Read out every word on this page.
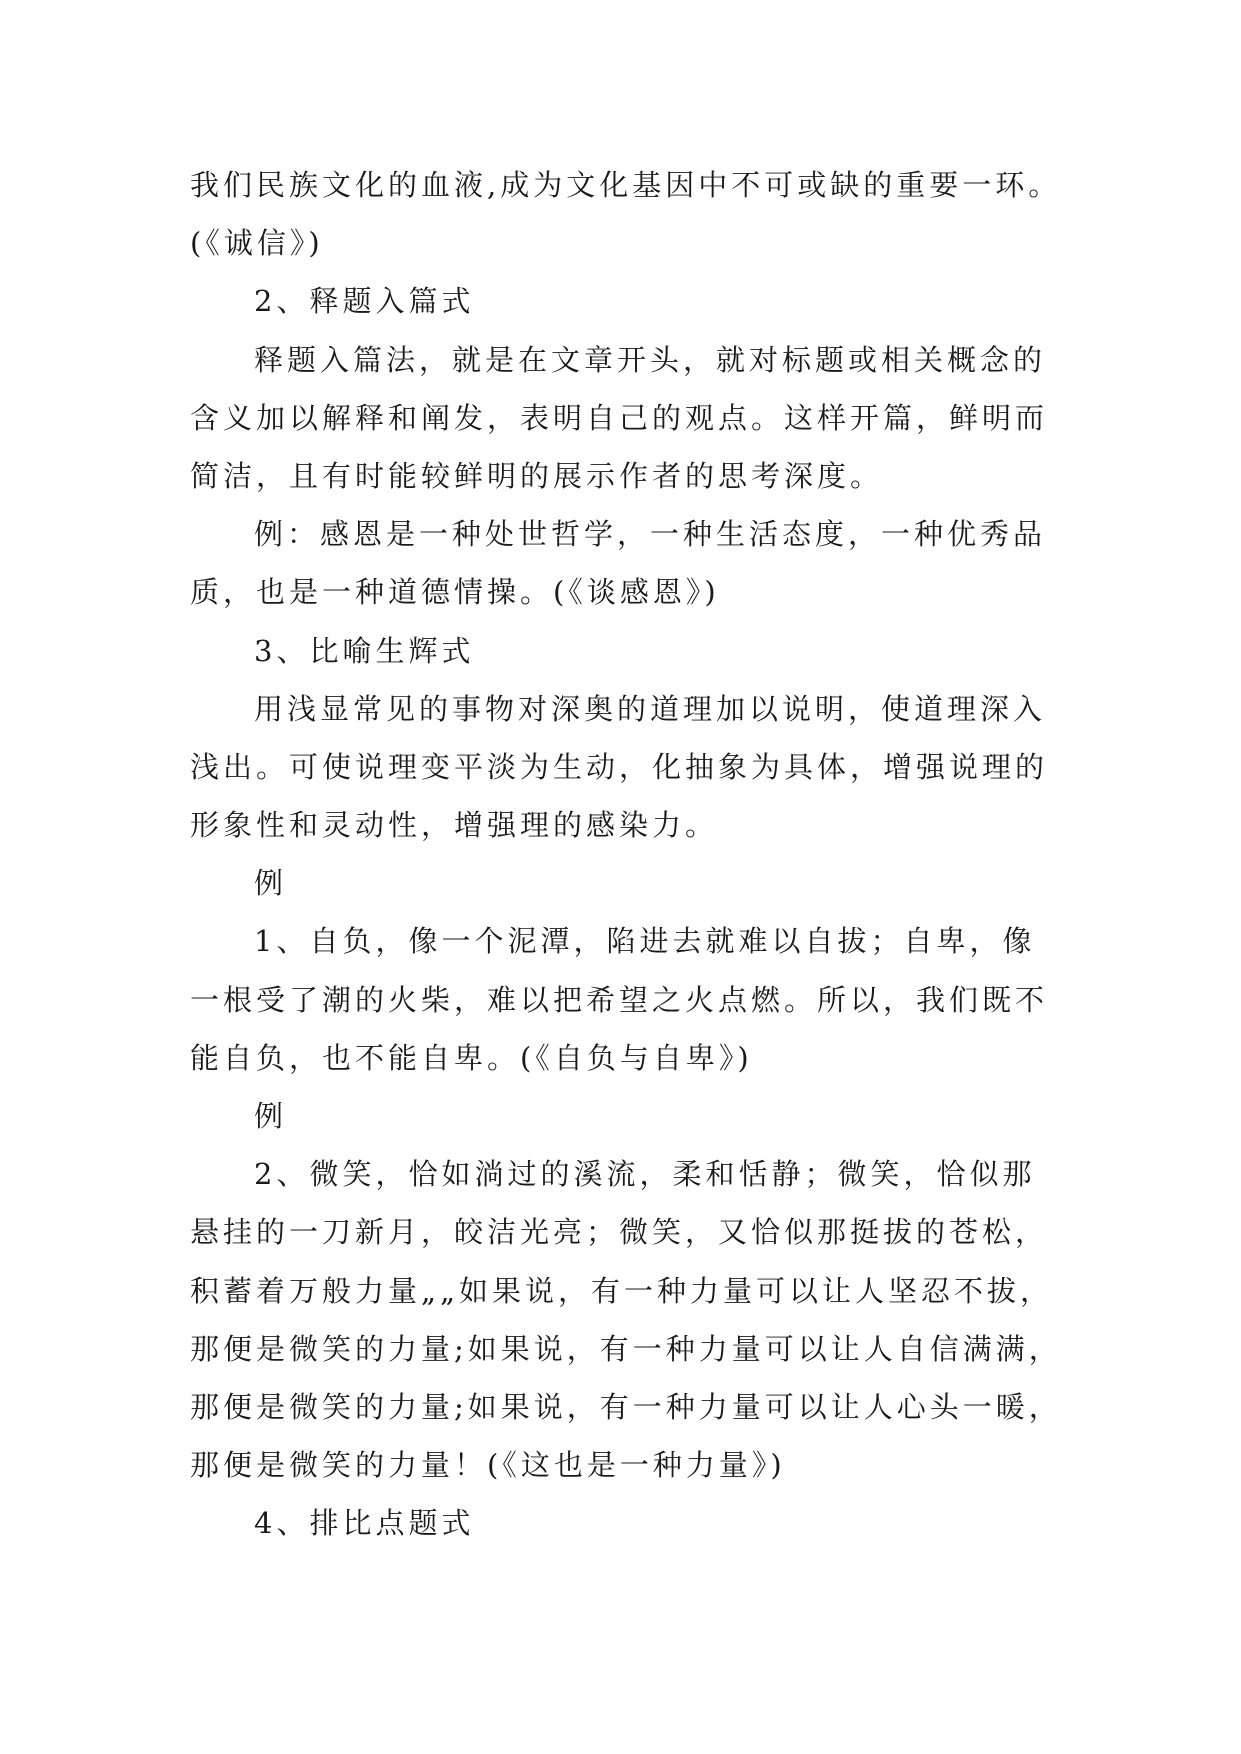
我们民族文化的血液,成为文化基因中不可或缺的重要一环。
(《诚信》)
2、释题入篇式
释题入篇法，就是在文章开头，就对标题或相关概念的
含义加以解释和阐发，表明自己的观点。这样开篇，鲜明而
简洁，且有时能较鲜明的展示作者的思考深度。
例：感恩是一种处世哲学，一种生活态度，一种优秀品
质，也是一种道德情操。(《谈感恩》)
3、比喻生辉式
用浅显常见的事物对深奥的道理加以说明，使道理深入
浅出。可使说理变平淡为生动，化抽象为具体，增强说理的
形象性和灵动性，增强理的感染力。
例
1、自负，像一个泥潭，陷进去就难以自拔；自卑，像
一根受了潮的火柴，难以把希望之火点燃。所以，我们既不
能自负，也不能自卑。(《自负与自卑》)
例
2、微笑，恰如淌过的溪流，柔和恬静；微笑，恰似那
悬挂的一刀新月，皎洁光亮；微笑，又恰似那挺拔的苍松，
积蓄着万般力量„„如果说，有一种力量可以让人坚忍不拔，
那便是微笑的力量;如果说，有一种力量可以让人自信满满，
那便是微笑的力量;如果说，有一种力量可以让人心头一暖，
那便是微笑的力量！(《这也是一种力量》)
4、排比点题式
